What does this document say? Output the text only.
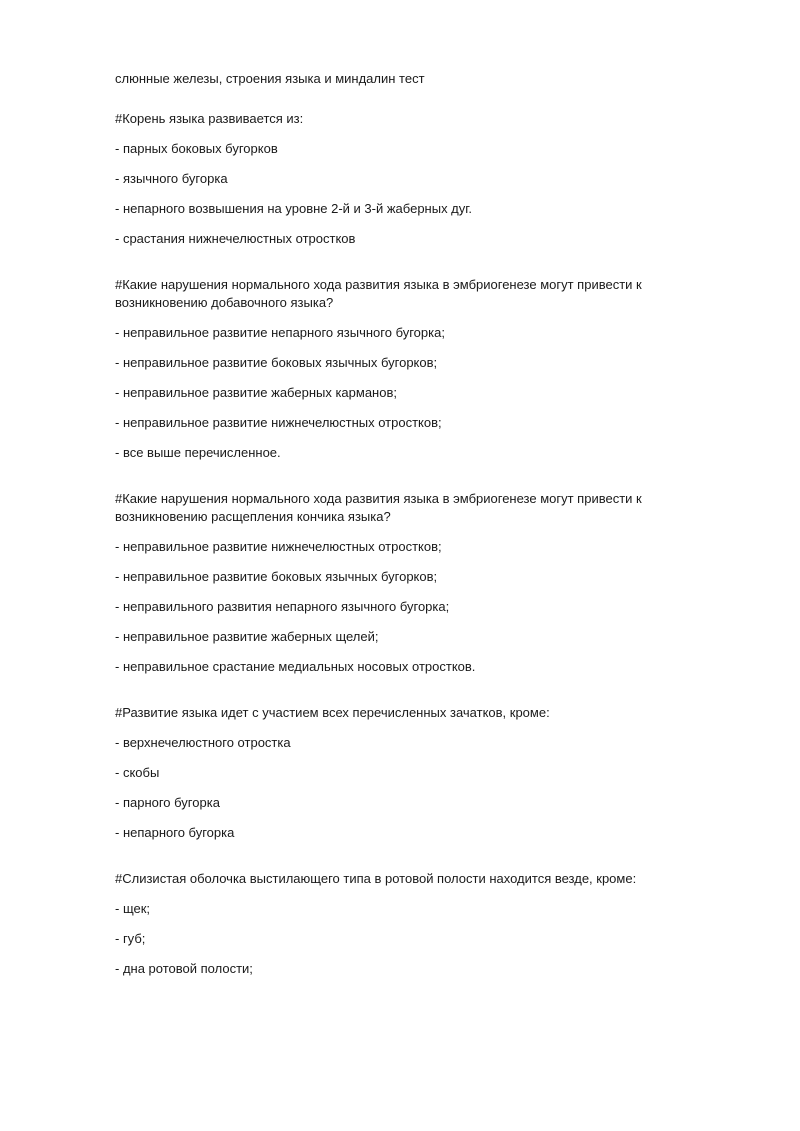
слюнные железы, строения языка и миндалин тест

#Корень языка развивается из:

- парных боковых бугорков

- язычного бугорка

- непарного возвышения на уровне 2-й и 3-й жаберных дуг.

- срастания нижнечелюстных отростков

#Какие нарушения нормального хода развития языка в эмбриогенезе могут привести к возникновению добавочного языка?

- неправильное развитие непарного язычного бугорка;

- неправильное развитие боковых язычных бугорков;

- неправильное развитие жаберных карманов;

- неправильное развитие нижнечелюстных отростков;

- все выше перечисленное.

#Какие нарушения нормального хода развития языка в эмбриогенезе могут привести к возникновению расщепления кончика языка?

- неправильное развитие нижнечелюстных отростков;

- неправильное развитие боковых язычных бугорков;

- неправильного развития непарного язычного бугорка;

- неправильное развитие жаберных щелей;

- неправильное срастание медиальных носовых отростков.

#Развитие языка идет с участием всех перечисленных зачатков, кроме:

- верхнечелюстного отростка

- скобы

- парного бугорка

- непарного бугорка

#Слизистая оболочка выстилающего типа в ротовой полости находится везде, кроме:

- щек;

- губ;

- дна ротовой полости;
